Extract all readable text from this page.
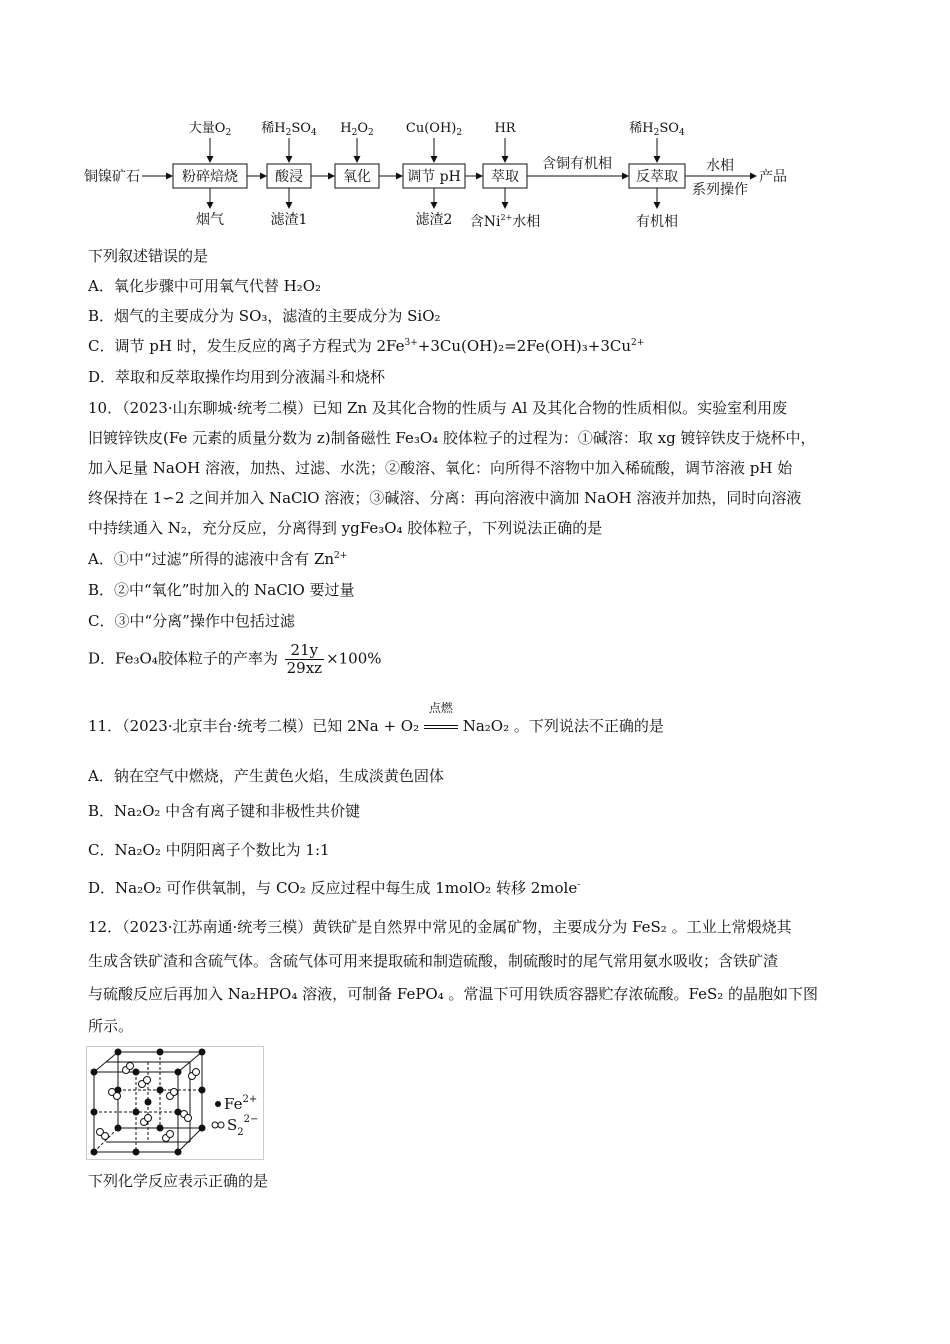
铜镍矿石	粉碎焙烧	酸浸	氧化	调节 pH 萃取
含铜有机相
反萃取
水相
系列操作
产品
大量$O_2$ 稀$H_2SO_4$ $H_2O_2$ $Cu(OH)_2$ HR	稀$H_2SO_4$
烟气	滤渣1	滤渣2 含$Ni^{2+}$水相	有机相
下列叙述错误的是
A．氧化步骤中可用氧气代替 H₂O₂
B．烟气的主要成分为 SO₃，滤渣的主要成分为 SiO₂
C．调节 pH 时，发生反应的离子方程式为 $2Fe^{3+}+3Cu(OH)_2=2Fe(OH)_3+3Cu^{2+}$
D．萃取和反萃取操作均用到分液漏斗和烧杯
10．（2023·山东聊城·统考二模）已知 Zn 及其化合物的性质与 Al 及其化合物的性质相似。实验室利用废
旧镀锌铁皮(Fe 元素的质量分数为 z)制备磁性 Fe₃O₄ 胶体粒子的过程为：①碱溶：取 xg 镀锌铁皮于烧杯中，
加入足量 NaOH 溶液，加热、过滤、水洗；②酸溶、氧化：向所得不溶物中加入稀硫酸，调节溶液 pH 始
终保持在 1∽2 之间并加入 NaClO 溶液；③碱溶、分离：再向溶液中滴加 NaOH 溶液并加热，同时向溶液
中持续通入 N₂，充分反应，分离得到 ygFe₃O₄ 胶体粒子，下列说法正确的是
A．①中“过滤”所得的滤液中含有 $Zn^{2+}$
B．②中“氧化”时加入的 NaClO 要过量
C．③中“分离”操作中包括过滤
D．Fe₃O₄胶体粒子的产率为 $\frac{21y}{29xz} \times 100\%$
11．（2023·北京丰台·统考二模）已知 2Na + O₂
点燃
Na₂O₂ 。下列说法不正确的是
A．钠在空气中燃烧，产生黄色火焰，生成淡黄色固体
B．Na₂O₂ 中含有离子键和非极性共价键
C．Na₂O₂ 中阴阳离子个数比为 1:1
D．Na₂O₂ 可作供氧制，与 CO₂ 反应过程中每生成 1molO₂ 转移 2mole-
12．（2023·江苏南通·统考三模）黄铁矿是自然界中常见的金属矿物，主要成分为 FeS₂ 。工业上常煅烧其
生成含铁矿渣和含硫气体。含硫气体可用来提取硫和制造硫酸，制硫酸时的尾气常用氨水吸收；含铁矿渣
与硫酸反应后再加入 Na₂HPO₄ 溶液，可制备 FePO₄ 。常温下可用铁质容器贮存浓硫酸。FeS₂ 的晶胞如下图
所示。
$Fe^{2+}$
$S_2^{2-}$
下列化学反应表示正确的是
